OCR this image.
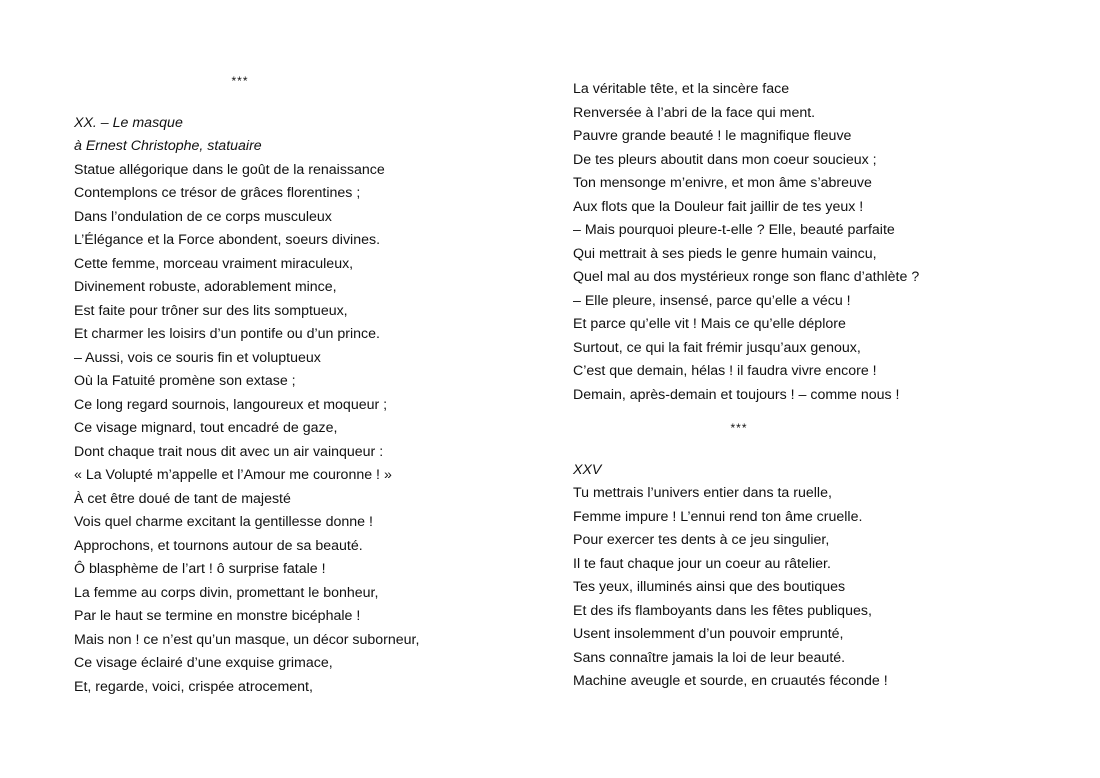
***
XX. – Le masque
à Ernest Christophe, statuaire
Statue allégorique dans le goût de la renaissance
Contemplons ce trésor de grâces florentines ;
Dans l’ondulation de ce corps musculeux
L’Élégance et la Force abondent, soeurs divines.
Cette femme, morceau vraiment miraculeux,
Divinement robuste, adorablement mince,
Est faite pour trôner sur des lits somptueux,
Et charmer les loisirs d’un pontife ou d’un prince.
– Aussi, vois ce souris fin et voluptueux
Où la Fatuité promène son extase ;
Ce long regard sournois, langoureux et moqueur ;
Ce visage mignard, tout encadré de gaze,
Dont chaque trait nous dit avec un air vainqueur :
« La Volupté m’appelle et l’Amour me couronne ! »
À cet être doué de tant de majesté
Vois quel charme excitant la gentillesse donne !
Approchons, et tournons autour de sa beauté.
Ô blasphème de l’art ! ô surprise fatale !
La femme au corps divin, promettant le bonheur,
Par le haut se termine en monstre bicéphale !
Mais non ! ce n’est qu’un masque, un décor suborneur,
Ce visage éclairé d’une exquise grimace,
Et, regarde, voici, crispée atrocement,
La véritable tête, et la sincère face
Renversée à l’abri de la face qui ment.
Pauvre grande beauté ! le magnifique fleuve
De tes pleurs aboutit dans mon coeur soucieux ;
Ton mensonge m’enivre, et mon âme s’abreuve
Aux flots que la Douleur fait jaillir de tes yeux !
– Mais pourquoi pleure-t-elle ? Elle, beauté parfaite
Qui mettrait à ses pieds le genre humain vaincu,
Quel mal au dos mystérieux ronge son flanc d’athlète ?
– Elle pleure, insensé, parce qu’elle a vécu !
Et parce qu’elle vit ! Mais ce qu’elle déplore
Surtout, ce qui la fait frémir jusqu’aux genoux,
C’est que demain, hélas ! il faudra vivre encore !
Demain, après-demain et toujours ! – comme nous !
***
XXV
Tu mettrais l’univers entier dans ta ruelle,
Femme impure ! L’ennui rend ton âme cruelle.
Pour exercer tes dents à ce jeu singulier,
Il te faut chaque jour un coeur au râtelier.
Tes yeux, illuminés ainsi que des boutiques
Et des ifs flamboyants dans les fêtes publiques,
Usent insolemment d’un pouvoir emprunté,
Sans connaître jamais la loi de leur beauté.
Machine aveugle et sourde, en cruautés féconde !
